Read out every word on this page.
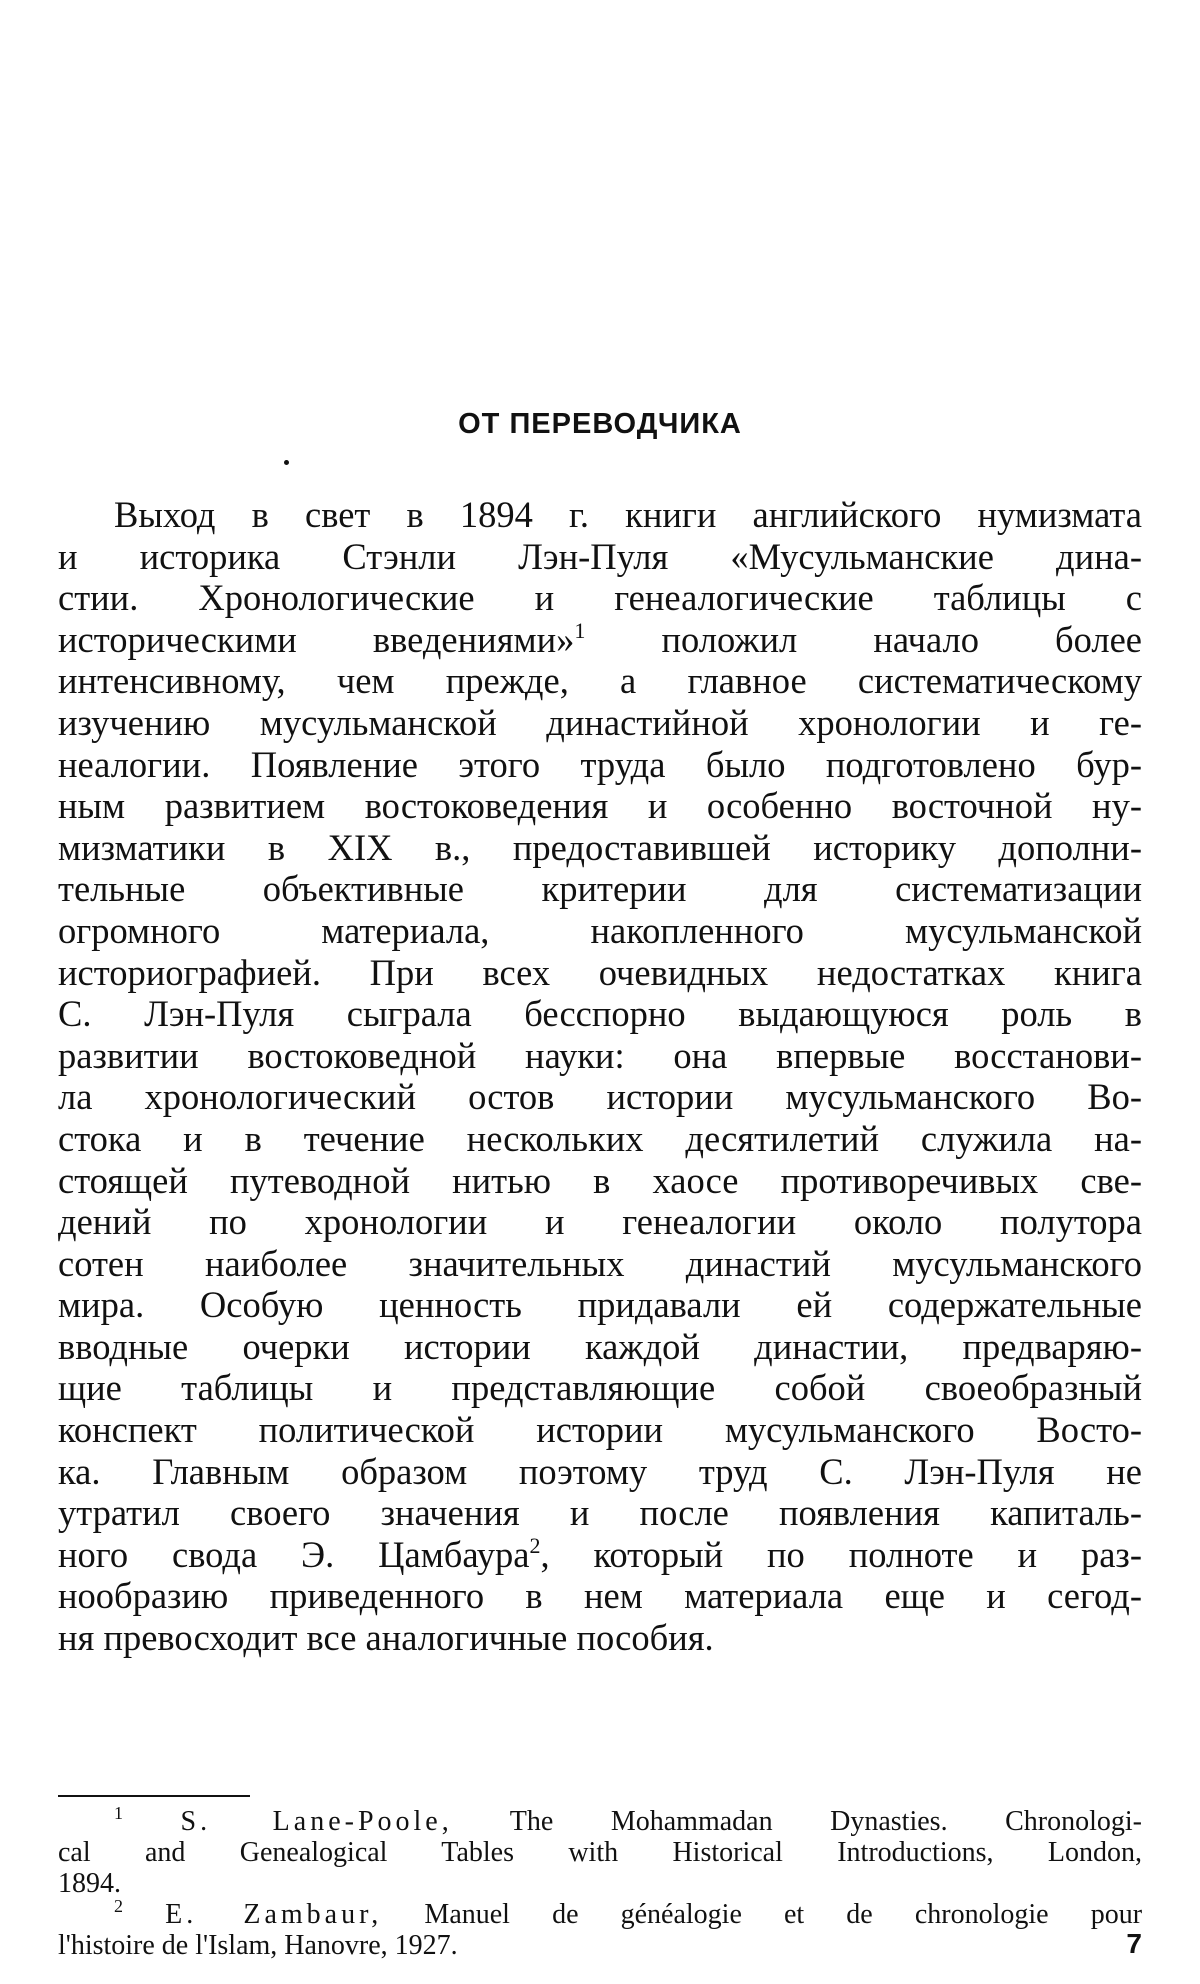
ОТ ПЕРЕВОДЧИКА
Выход в свет в 1894 г. книги английского нумизмата
и историка Стэнли Лэн-Пуля «Мусульманские дина-
стии. Хронологические и генеалогические таблицы с
историческими введениями»$^1$ положил начало более
интенсивному, чем прежде, а главное систематическому
изучению мусульманской династийной хронологии и ге-
неалогии. Появление этого труда было подготовлено бур-
ным развитием востоковедения и особенно восточной ну-
мизматики в XIX в., предоставившей историку дополни-
тельные объективные критерии для систематизации
огромного материала, накопленного мусульманской
историографией. При всех очевидных недостатках книга
С. Лэн-Пуля сыграла бесспорно выдающуюся роль в
развитии востоковедной науки: она впервые восстанови-
ла хронологический остов истории мусульманского Во-
стока и в течение нескольких десятилетий служила на-
стоящей путеводной нитью в хаосе противоречивых све-
дений по хронологии и генеалогии около полутора
сотен наиболее значительных династий мусульманского
мира. Особую ценность придавали ей содержательные
вводные очерки истории каждой династии, предваряю-
щие таблицы и представляющие собой своеобразный
конспект политической истории мусульманского Восто-
ка. Главным образом поэтому труд С. Лэн-Пуля не
утратил своего значения и после появления капиталь-
ного свода Э. Цамбаура$^2$, который по полноте и раз-
нообразию приведенного в нем материала еще и сегод-
ня превосходит все аналогичные пособия.
$^1$ S. Lane-Poole, The Mohammadan Dynasties. Chronologi-
cal and Genealogical Tables with Historical Introductions, London,
1894.
$^2$ E. Zambaur, Manuel de généalogie et de chronologie pour
l'histoire de l'Islam, Hanovre, 1927.	7
